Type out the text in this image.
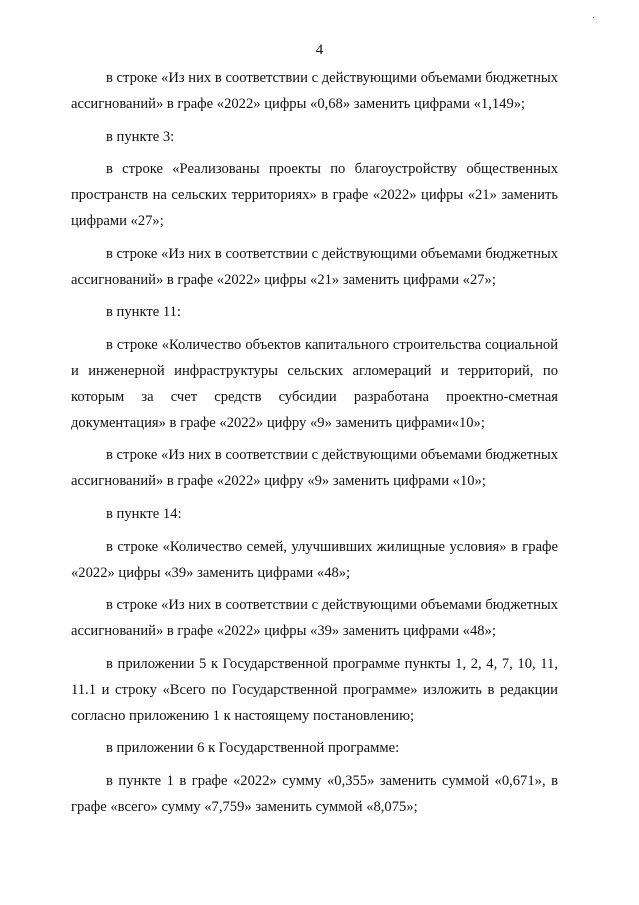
4
·

в строке «Из них в соответствии с действующими объемами бюджетных ассигнований» в графе «2022» цифры «0,68» заменить цифрами «1,149»;

в пункте 3:

в строке «Реализованы проекты по благоустройству общественных пространств на сельских территориях» в графе «2022» цифры «21» заменить цифрами «27»;

в строке «Из них в соответствии с действующими объемами бюджетных ассигнований» в графе «2022» цифры «21» заменить цифрами «27»;

в пункте 11:

в строке «Количество объектов капитального строительства социальной и инженерной инфраструктуры сельских агломераций и территорий, по которым за счет средств субсидии разработана проектно-сметная документация» в графе «2022» цифру «9» заменить цифрами«10»;

в строке «Из них в соответствии с действующими объемами бюджетных ассигнований» в графе «2022» цифру «9» заменить цифрами «10»;

в пункте 14:

в строке «Количество семей, улучшивших жилищные условия» в графе «2022» цифры «39» заменить цифрами «48»;

в строке «Из них в соответствии с действующими объемами бюджетных ассигнований» в графе «2022» цифры «39» заменить цифрами «48»;

в приложении 5 к Государственной программе пункты 1, 2, 4, 7, 10, 11, 11.1 и строку «Всего по Государственной программе» изложить в редакции согласно приложению 1 к настоящему постановлению;

в приложении 6 к Государственной программе:

в пункте 1 в графе «2022» сумму «0,355» заменить суммой «0,671», в графе «всего» сумму «7,759» заменить суммой «8,075»;
